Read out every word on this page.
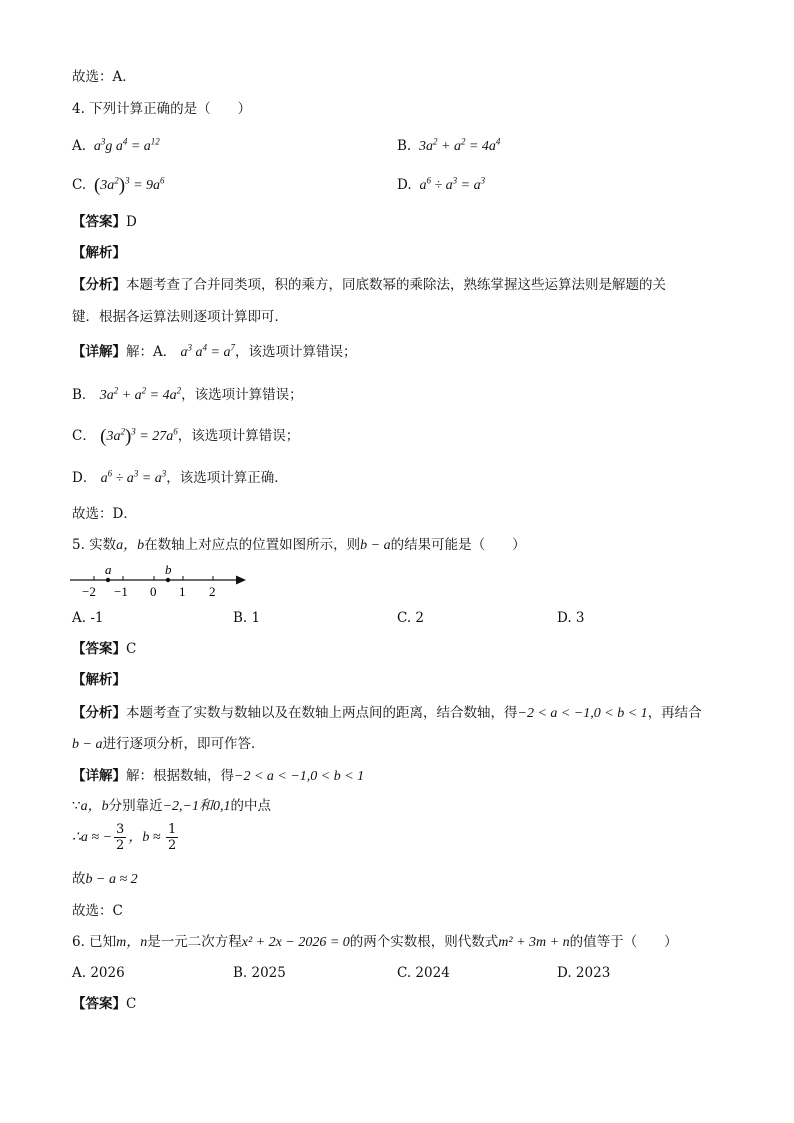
故选：A．
4. 下列计算正确的是（　　）
A.  $a^3g$ $a^4 = a^{12}$	B.  $3a^2 + a^2 = 4a^4$
C. $(3a^2)^3 = 9a^6$	D.  $a^6 \div a^3 = a^3$
【答案】D
【解析】
【分析】本题考查了合并同类项，积的乘方，同底数幂的乘除法，熟练掌握这些运算法则是解题的关
键．根据各运算法则逐项计算即可．
【详解】解：A． $a^3$ $a^4 = a^7$，该选项计算错误；
B． $3a^2 + a^2 = 4a^2$，该选项计算错误；
C． $(3a^2)^3 = 27a^6$，该选项计算错误；
D． $a^6 \div a^3 = a^3$，该选项计算正确．
故选：D．
5. 实数a，b在数轴上对应点的位置如图所示，则b − a的结果可能是（　　）
a	b
−2 −1 0 1 2
A. -1	B. 1	C. 2	D. 3
【答案】C
【解析】
【分析】本题考查了实数与数轴以及在数轴上两点间的距离，结合数轴，得−2 < a < −1,0 < b < 1，再结合
b − a进行逐项分析，即可作答．
【详解】解：根据数轴，得−2 < a < −1,0 < b < 1
∵a，b分别靠近−2,−1和0,1的中点
∴a ≈ − $\frac{3}{2}$ ，$b \approx \frac{1}{2}$
故b − a ≈ 2
故选：C
6. 已知m，n是一元二次方程x² + 2x − 2026 = 0的两个实数根，则代数式m² + 3m + n的值等于（　　）
A. 2026	B. 2025	C. 2024	D. 2023
【答案】C
